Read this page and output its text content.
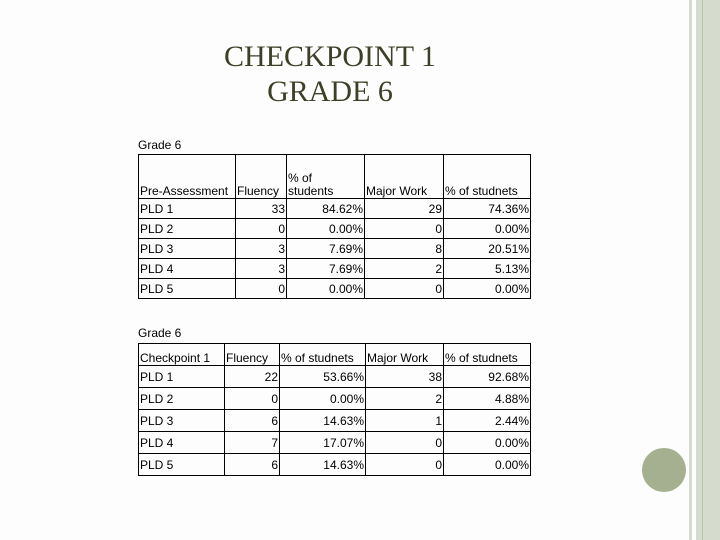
CHECKPOINT 1
GRADE 6
Grade 6
Pre-Assessment	Fluency	% of students	Major Work	% of studnets
PLD 1	33	84.62%	29	74.36%
PLD 2	0	0.00%	0	0.00%
PLD 3	3	7.69%	8	20.51%
PLD 4	3	7.69%	2	5.13%
PLD 5	0	0.00%	0	0.00%
Grade 6
Checkpoint 1	Fluency	% of studnets	Major Work	% of studnets
PLD 1	22	53.66%	38	92.68%
PLD 2	0	0.00%	2	4.88%
PLD 3	6	14.63%	1	2.44%
PLD 4	7	17.07%	0	0.00%
PLD 5	6	14.63%	0	0.00%
